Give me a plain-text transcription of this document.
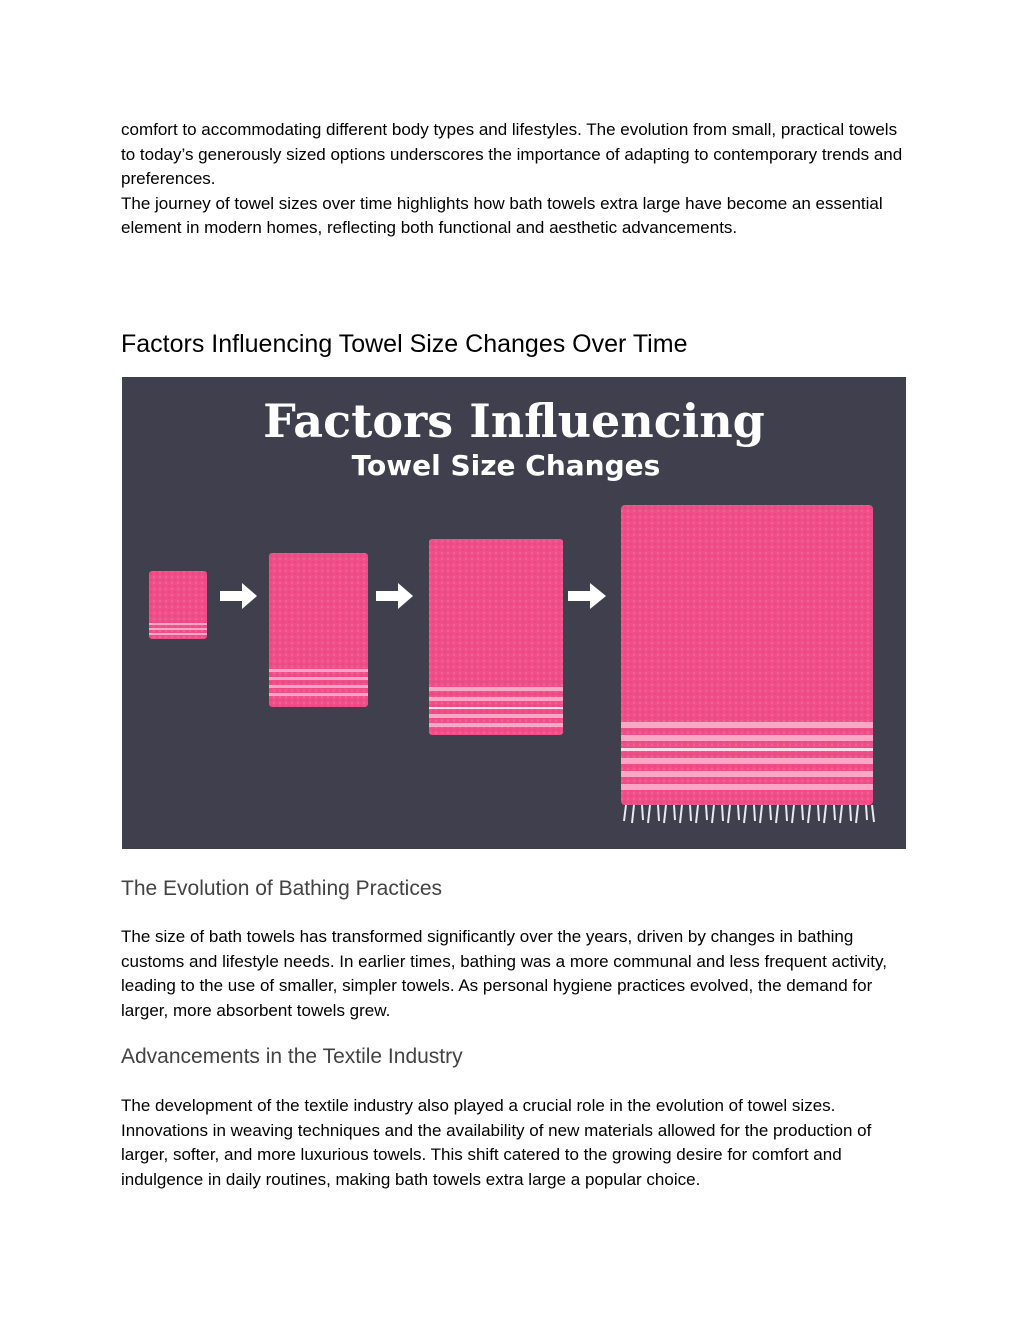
comfort to accommodating different body types and lifestyles. The evolution from small, practical towels to today’s generously sized options underscores the importance of adapting to contemporary trends and preferences.

The journey of towel sizes over time highlights how bath towels extra large have become an essential element in modern homes, reflecting both functional and aesthetic advancements.

Factors Influencing Towel Size Changes Over Time
Factors Influencing
Towel Size Changes
The Evolution of Bathing Practices

The size of bath towels has transformed significantly over the years, driven by changes in bathing customs and lifestyle needs. In earlier times, bathing was a more communal and less frequent activity, leading to the use of smaller, simpler towels. As personal hygiene practices evolved, the demand for larger, more absorbent towels grew.

Advancements in the Textile Industry

The development of the textile industry also played a crucial role in the evolution of towel sizes. Innovations in weaving techniques and the availability of new materials allowed for the production of larger, softer, and more luxurious towels. This shift catered to the growing desire for comfort and indulgence in daily routines, making bath towels extra large a popular choice.
